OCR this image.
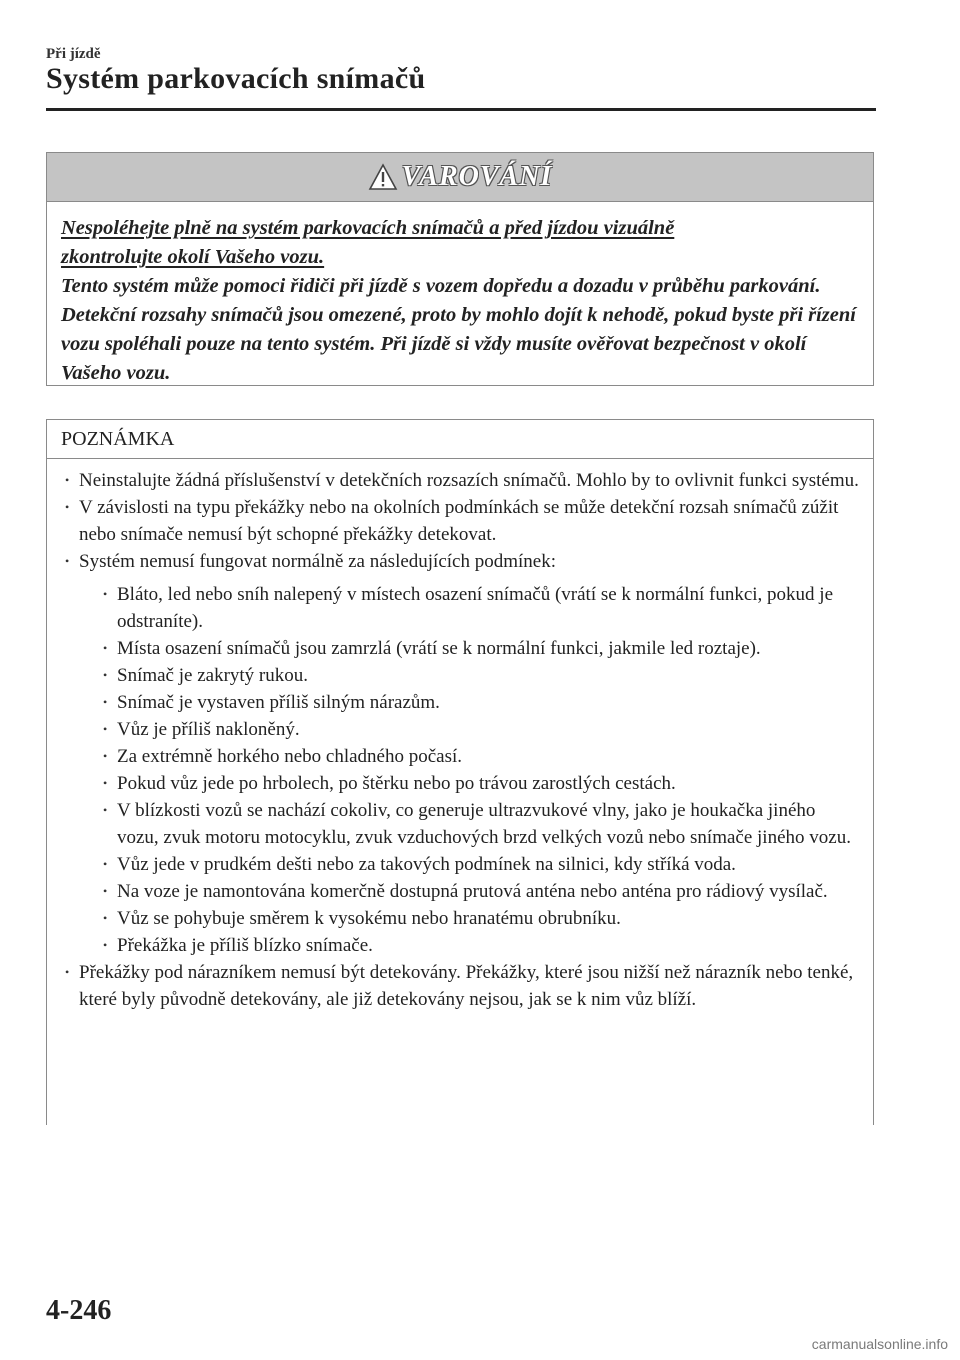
Při jízdě
Systém parkovacích snímačů
VAROVÁNÍ
Nespoléhejte plně na systém parkovacích snímačů a před jízdou vizuálně
zkontrolujte okolí Vašeho vozu.
Tento systém může pomoci řidiči při jízdě s vozem dopředu a dozadu v průběhu parkování. Detekční rozsahy snímačů jsou omezené, proto by mohlo dojít k nehodě, pokud byste při řízení vozu spoléhali pouze na tento systém. Při jízdě si vždy musíte ověřovat bezpečnost v okolí Vašeho vozu.
POZNÁMKA
• Neinstalujte žádná příslušenství v detekčních rozsazích snímačů. Mohlo by to ovlivnit funkci systému.
• V závislosti na typu překážky nebo na okolních podmínkách se může detekční rozsah snímačů zúžit nebo snímače nemusí být schopné překážky detekovat.
• Systém nemusí fungovat normálně za následujících podmínek:
• Bláto, led nebo sníh nalepený v místech osazení snímačů (vrátí se k normální funkci, pokud je odstraníte).
• Místa osazení snímačů jsou zamrzlá (vrátí se k normální funkci, jakmile led roztaje).
• Snímač je zakrytý rukou.
• Snímač je vystaven příliš silným nárazům.
• Vůz je příliš nakloněný.
• Za extrémně horkého nebo chladného počasí.
• Pokud vůz jede po hrbolech, po štěrku nebo po trávou zarostlých cestách.
• V blízkosti vozů se nachází cokoliv, co generuje ultrazvukové vlny, jako je houkačka jiného vozu, zvuk motoru motocyklu, zvuk vzduchových brzd velkých vozů nebo snímače jiného vozu.
• Vůz jede v prudkém dešti nebo za takových podmínek na silnici, kdy stříká voda.
• Na voze je namontována komerčně dostupná prutová anténa nebo anténa pro rádiový vysílač.
• Vůz se pohybuje směrem k vysokému nebo hranatému obrubníku.
• Překážka je příliš blízko snímače.
• Překážky pod nárazníkem nemusí být detekovány. Překážky, které jsou nižší než nárazník nebo tenké, které byly původně detekovány, ale již detekovány nejsou, jak se k nim vůz blíží.
4-246
carmanualsonline.info
